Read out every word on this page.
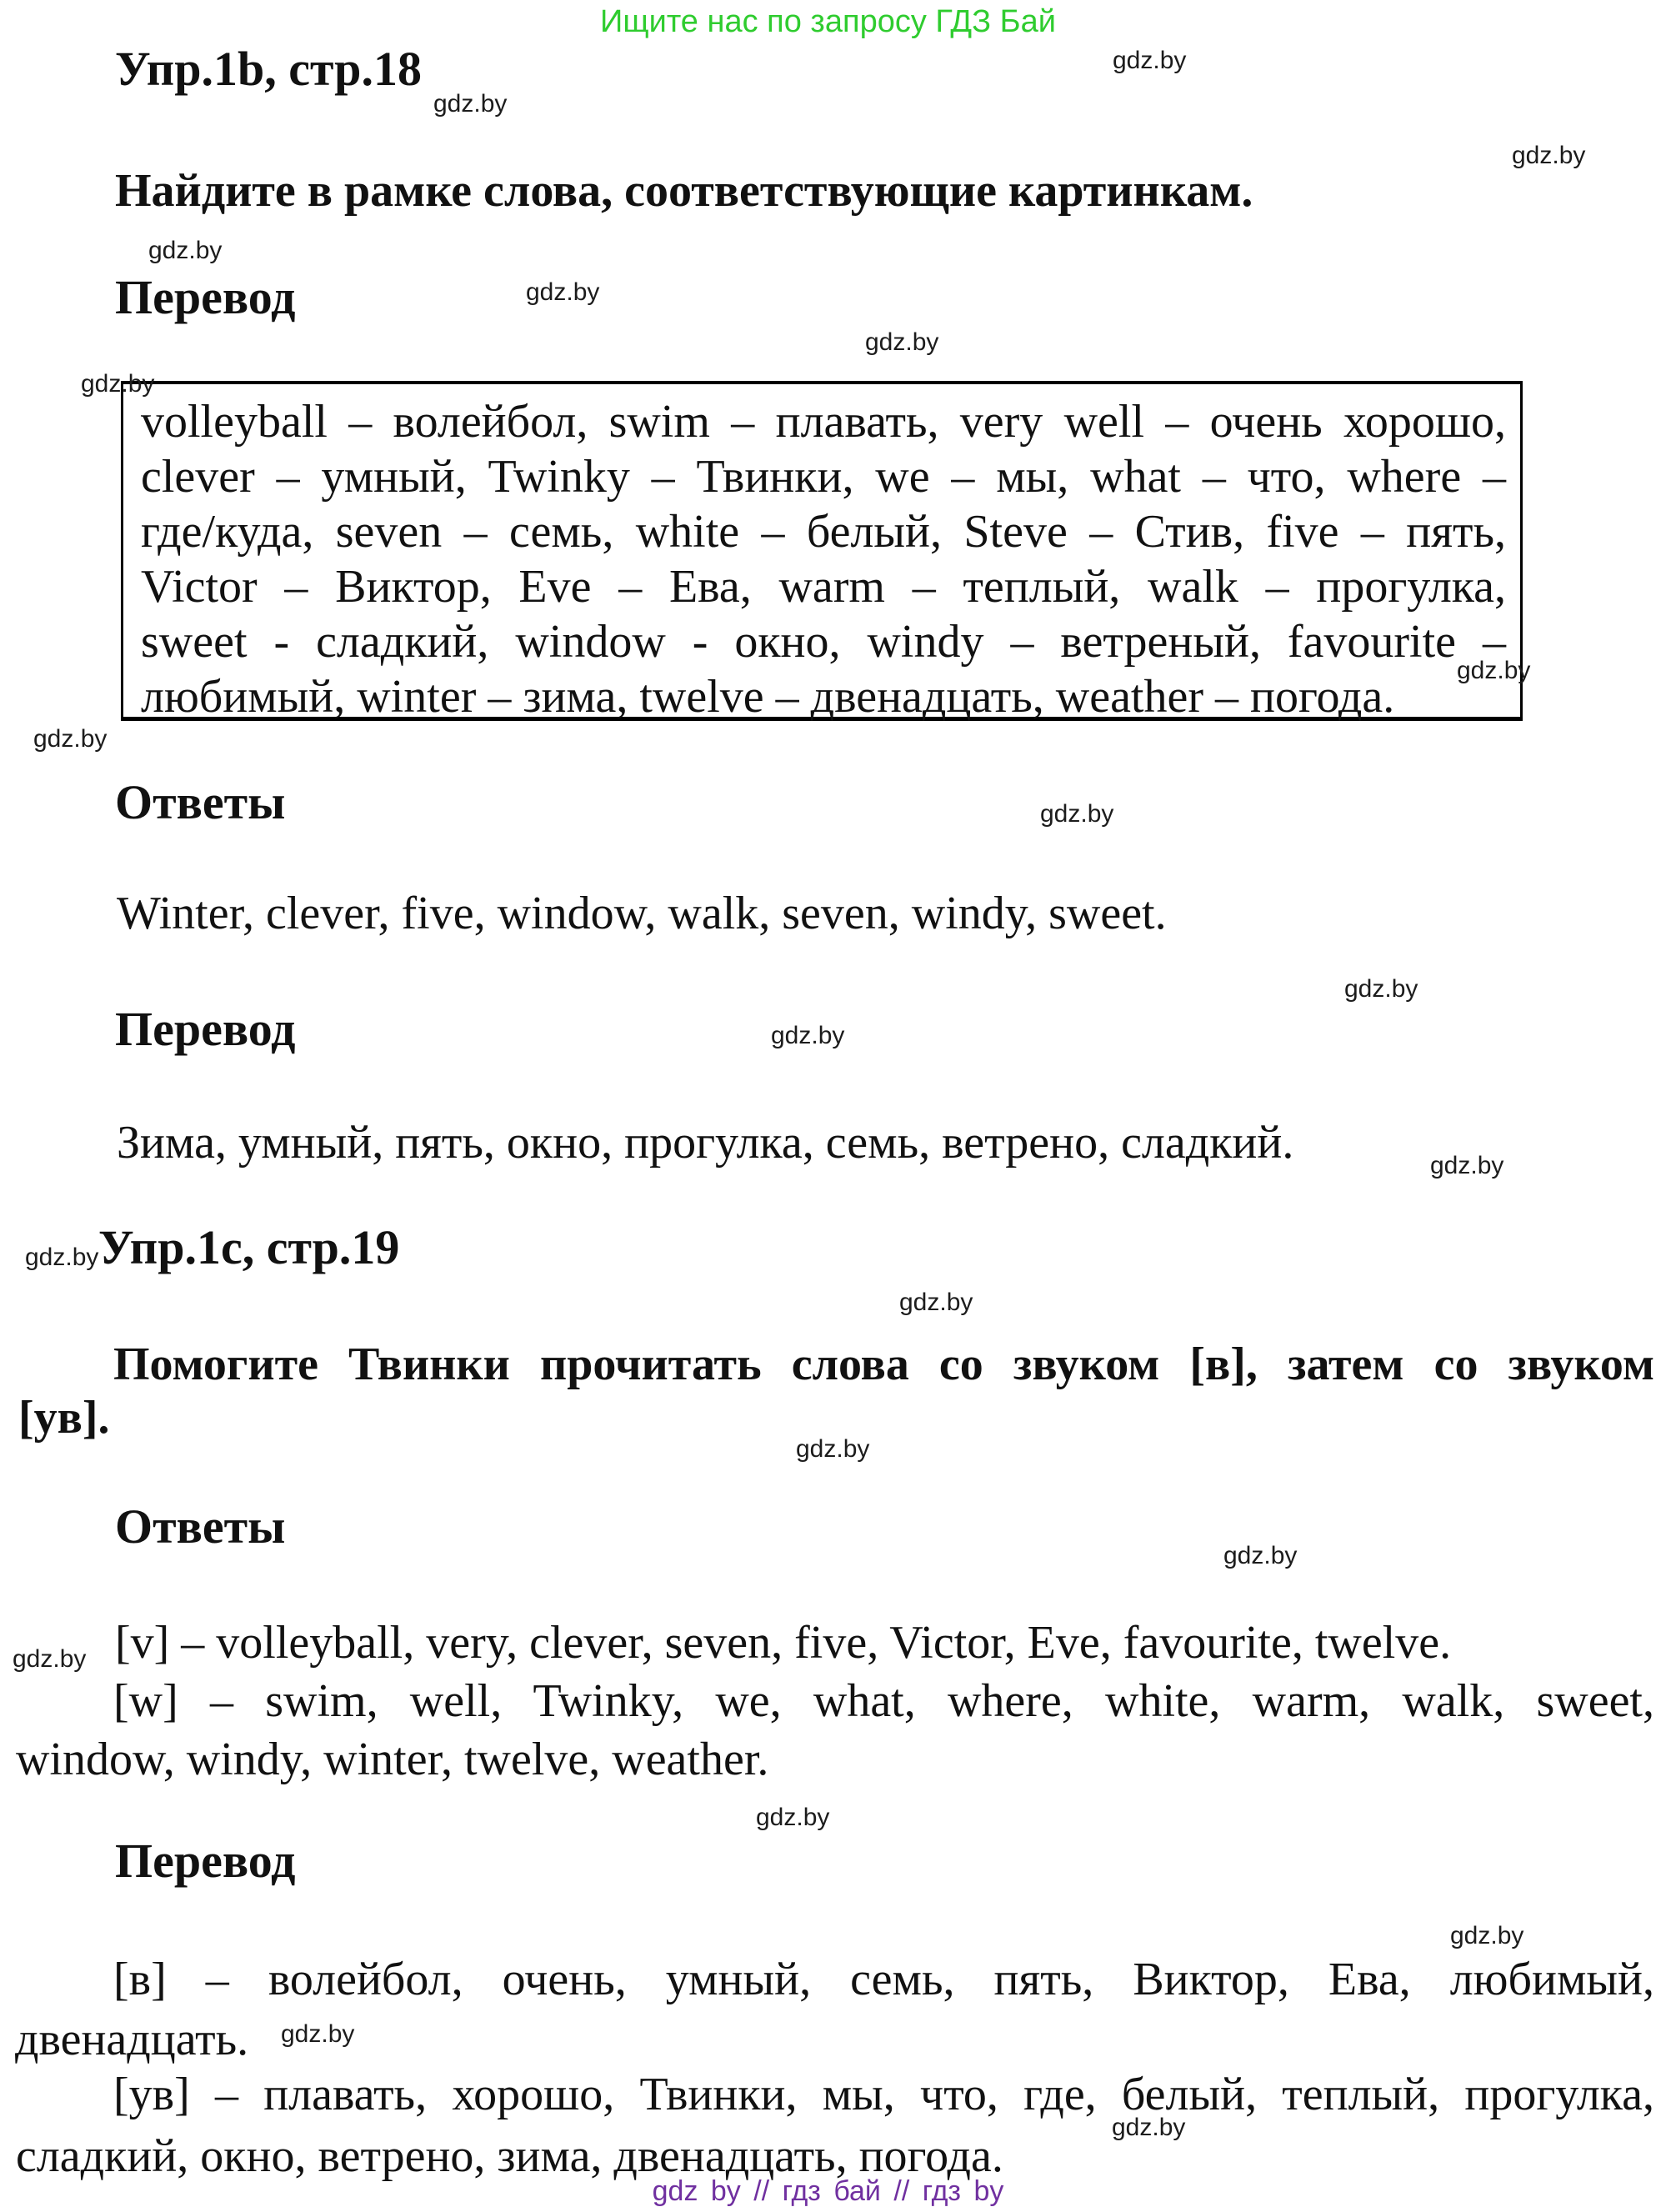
Ищите нас по запросу ГДЗ Бай
Упр.1b, стр.18
Найдите в рамке слова, соответствующие картинкам.
Перевод
volleyball – волейбол, swim – плавать, very well – очень хорошо,
clever – умный, Twinky – Твинки, we – мы, what – что, where –
где/куда, seven – семь, white – белый, Steve – Стив, five – пять,
Victor – Виктор, Eve – Ева, warm – теплый, walk – прогулка,
sweet - сладкий, window - окно, windy – ветреный, favourite –
любимый, winter – зима, twelve – двенадцать, weather – погода.
Ответы
Winter, clever, five, window, walk, seven, windy, sweet.
Перевод
Зима, умный, пять, окно, прогулка, семь, ветрено, сладкий.
Упр.1c, стр.19
Помогите Твинки прочитать слова со звуком [в], затем со звуком
[ув].
Ответы
[v] – volleyball, very, clever, seven, five, Victor, Eve, favourite, twelve.
[w] – swim, well, Twinky, we, what, where, white, warm, walk, sweet,
window, windy, winter, twelve, weather.
Перевод
[в] – волейбол, очень, умный, семь, пять, Виктор, Ева, любимый,
двенадцать.
[ув] – плавать, хорошо, Твинки, мы, что, где, белый, теплый, прогулка,
сладкий, окно, ветрено, зима, двенадцать, погода.
gdz.by
gdz.by
gdz.by
gdz.by
gdz.by
gdz.by
gdz.by
gdz.by
gdz.by
gdz.by
gdz.by
gdz.by
gdz.by
gdz.by
gdz.by
gdz.by
gdz.by
gdz.by
gdz.by
gdz.by
gdz.by
gdz.by
gdz by // гдз бай // гдз by
